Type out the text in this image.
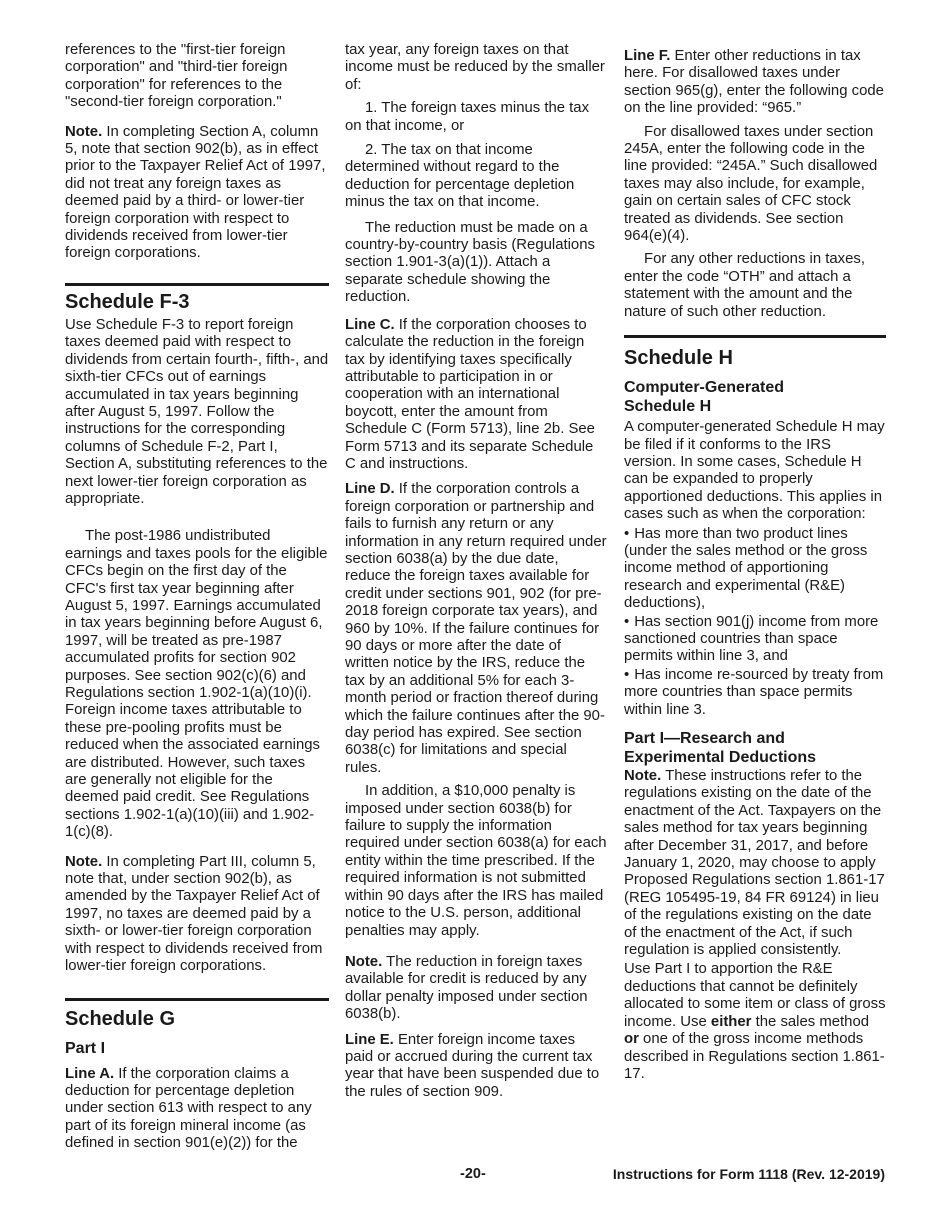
references to the "first-tier foreign corporation" and "third-tier foreign corporation" for references to the "second-tier foreign corporation."

Note. In completing Section A, column 5, note that section 902(b), as in effect prior to the Taxpayer Relief Act of 1997, did not treat any foreign taxes as deemed paid by a third- or lower-tier foreign corporation with respect to dividends received from lower-tier foreign corporations.

Schedule F-3

Use Schedule F-3 to report foreign taxes deemed paid with respect to dividends from certain fourth-, fifth-, and sixth-tier CFCs out of earnings accumulated in tax years beginning after August 5, 1997. Follow the instructions for the corresponding columns of Schedule F-2, Part I, Section A, substituting references to the next lower-tier foreign corporation as appropriate.

The post-1986 undistributed earnings and taxes pools for the eligible CFCs begin on the first day of the CFC's first tax year beginning after August 5, 1997. Earnings accumulated in tax years beginning before August 6, 1997, will be treated as pre-1987 accumulated profits for section 902 purposes. See section 902(c)(6) and Regulations section 1.902-1(a)(10)(i). Foreign income taxes attributable to these pre-pooling profits must be reduced when the associated earnings are distributed. However, such taxes are generally not eligible for the deemed paid credit. See Regulations sections 1.902-1(a)(10)(iii) and 1.902-1(c)(8).

Note. In completing Part III, column 5, note that, under section 902(b), as amended by the Taxpayer Relief Act of 1997, no taxes are deemed paid by a sixth- or lower-tier foreign corporation with respect to dividends received from lower-tier foreign corporations.

Schedule G
Part I

Line A. If the corporation claims a deduction for percentage depletion under section 613 with respect to any part of its foreign mineral income (as defined in section 901(e)(2)) for the

tax year, any foreign taxes on that income must be reduced by the smaller of:

1. The foreign taxes minus the tax on that income, or

2. The tax on that income determined without regard to the deduction for percentage depletion minus the tax on that income.

The reduction must be made on a country-by-country basis (Regulations section 1.901-3(a)(1)). Attach a separate schedule showing the reduction.

Line C. If the corporation chooses to calculate the reduction in the foreign tax by identifying taxes specifically attributable to participation in or cooperation with an international boycott, enter the amount from Schedule C (Form 5713), line 2b. See Form 5713 and its separate Schedule C and instructions.

Line D. If the corporation controls a foreign corporation or partnership and fails to furnish any return or any information in any return required under section 6038(a) by the due date, reduce the foreign taxes available for credit under sections 901, 902 (for pre-2018 foreign corporate tax years), and 960 by 10%. If the failure continues for 90 days or more after the date of written notice by the IRS, reduce the tax by an additional 5% for each 3-month period or fraction thereof during which the failure continues after the 90-day period has expired. See section 6038(c) for limitations and special rules.

In addition, a $10,000 penalty is imposed under section 6038(b) for failure to supply the information required under section 6038(a) for each entity within the time prescribed. If the required information is not submitted within 90 days after the IRS has mailed notice to the U.S. person, additional penalties may apply.

Note. The reduction in foreign taxes available for credit is reduced by any dollar penalty imposed under section 6038(b).

Line E. Enter foreign income taxes paid or accrued during the current tax year that have been suspended due to the rules of section 909.

Line F. Enter other reductions in tax here. For disallowed taxes under section 965(g), enter the following code on the line provided: “965.”

For disallowed taxes under section 245A, enter the following code in the line provided: “245A.” Such disallowed taxes may also include, for example, gain on certain sales of CFC stock treated as dividends. See section 964(e)(4).

For any other reductions in taxes, enter the code “OTH” and attach a statement with the amount and the nature of such other reduction.

Schedule H
Computer-Generated Schedule H

A computer-generated Schedule H may be filed if it conforms to the IRS version. In some cases, Schedule H can be expanded to properly apportioned deductions. This applies in cases such as when the corporation:

• Has more than two product lines (under the sales method or the gross income method of apportioning research and experimental (R&E) deductions),
• Has section 901(j) income from more sanctioned countries than space permits within line 3, and
• Has income re-sourced by treaty from more countries than space permits within line 3.
Part I—Research and Experimental Deductions

Note. These instructions refer to the regulations existing on the date of the enactment of the Act. Taxpayers on the sales method for tax years beginning after December 31, 2017, and before January 1, 2020, may choose to apply Proposed Regulations section 1.861-17 (REG 105495-19, 84 FR 69124) in lieu of the regulations existing on the date of the enactment of the Act, if such regulation is applied consistently.

Use Part I to apportion the R&E deductions that cannot be definitely allocated to some item or class of gross income. Use either the sales method or one of the gross income methods described in Regulations section 1.861-17.

-20-	Instructions for Form 1118 (Rev. 12-2019)
